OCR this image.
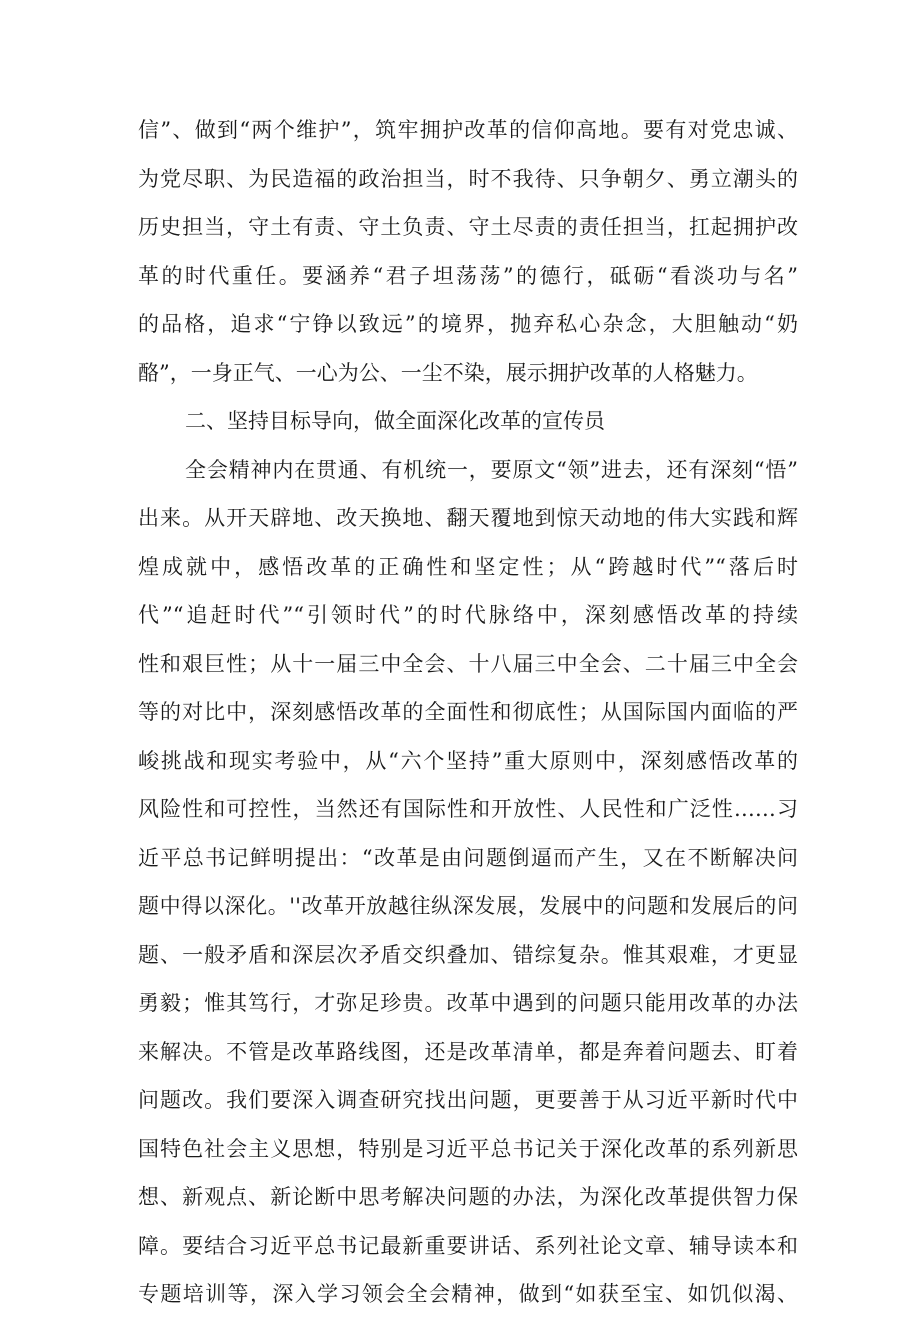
信”、做到“两个维护”，筑牢拥护改革的信仰高地。要有对党忠诚、
为党尽职、为民造福的政治担当，时不我待、只争朝夕、勇立潮头的
历史担当，守土有责、守土负责、守土尽责的责任担当，扛起拥护改
革的时代重任。要涵养“君子坦荡荡”的德行，砥砺“看淡功与名”
的品格，追求“宁铮以致远”的境界，抛弃私心杂念，大胆触动“奶
酪”，一身正气、一心为公、一尘不染，展示拥护改革的人格魅力。
二、坚持目标导向，做全面深化改革的宣传员
全会精神内在贯通、有机统一，要原文“领”进去，还有深刻“悟”
出来。从开天辟地、改天换地、翻天覆地到惊天动地的伟大实践和辉
煌成就中，感悟改革的正确性和坚定性；从“跨越时代”“落后时
代”“追赶时代”“引领时代”的时代脉络中，深刻感悟改革的持续
性和艰巨性；从十一届三中全会、十八届三中全会、二十届三中全会
等的对比中，深刻感悟改革的全面性和彻底性；从国际国内面临的严
峻挑战和现实考验中，从“六个坚持”重大原则中，深刻感悟改革的
风险性和可控性，当然还有国际性和开放性、人民性和广泛性……习
近平总书记鲜明提出：“改革是由问题倒逼而产生，又在不断解决问
题中得以深化。''改革开放越往纵深发展，发展中的问题和发展后的问
题、一般矛盾和深层次矛盾交织叠加、错综复杂。惟其艰难，才更显
勇毅；惟其笃行，才弥足珍贵。改革中遇到的问题只能用改革的办法
来解决。不管是改革路线图，还是改革清单，都是奔着问题去、盯着
问题改。我们要深入调查研究找出问题，更要善于从习近平新时代中
国特色社会主义思想，特别是习近平总书记关于深化改革的系列新思
想、新观点、新论断中思考解决问题的办法，为深化改革提供智力保
障。要结合习近平总书记最新重要讲话、系列社论文章、辅导读本和
专题培训等，深入学习领会全会精神，做到“如获至宝、如饥似渴、
